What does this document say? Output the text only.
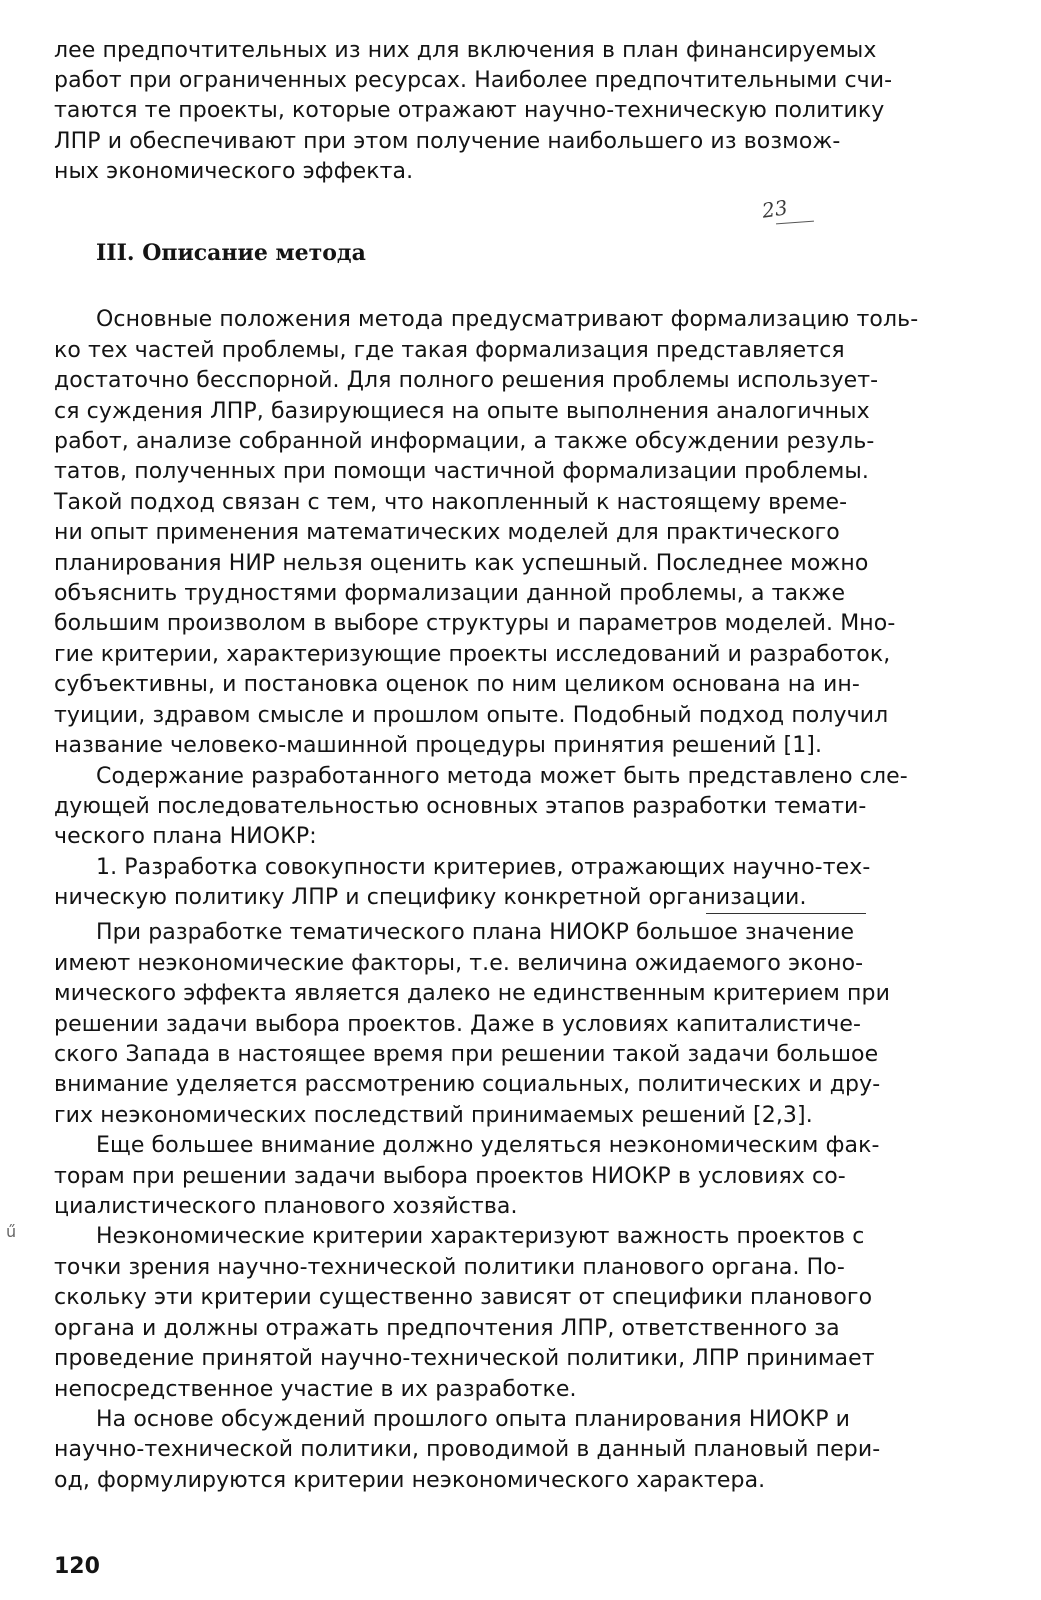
лее предпочтительных из них для включения в план финансируемых
работ при ограниченных ресурсах. Наиболее предпочтительными счи-
таются те проекты, которые отражают научно-техническую политику
ЛПР и обеспечивают при этом получение наибольшего из возмож-
ных экономического эффекта.
23
III. Описание метода
Основные положения метода предусматривают формализацию толь-
ко тех частей проблемы, где такая формализация представляется
достаточно бесспорной. Для полного решения проблемы использует-
ся суждения ЛПР, базирующиеся на опыте выполнения аналогичных
работ, анализе собранной информации, а также обсуждении резуль-
татов, полученных при помощи частичной формализации проблемы.
Такой подход связан с тем, что накопленный к настоящему време-
ни опыт применения математических моделей для практического
планирования НИР нельзя оценить как успешный. Последнее можно
объяснить трудностями формализации данной проблемы, а также
большим произволом в выборе структуры и параметров моделей. Мно-
гие критерии, характеризующие проекты исследований и разработок,
субъективны, и постановка оценок по ним целиком основана на ин-
туиции, здравом смысле и прошлом опыте. Подобный подход получил
название человеко-машинной процедуры принятия решений [1].
Содержание разработанного метода может быть представлено сле-
дующей последовательностью основных этапов разработки темати-
ческого плана НИОКР:
1. Разработка совокупности критериев, отражающих научно-тех-
ническую политику ЛПР и специфику конкретной организации.
При разработке тематического плана НИОКР большое значение
имеют неэкономические факторы, т.е. величина ожидаемого эконо-
мического эффекта является далеко не единственным критерием при
решении задачи выбора проектов. Даже в условиях капиталистиче-
ского Запада в настоящее время при решении такой задачи большое
внимание уделяется рассмотрению социальных, политических и дру-
гих неэкономических последствий принимаемых решений [2,3].
Еще большее внимание должно уделяться неэкономическим фак-
торам при решении задачи выбора проектов НИОКР в условиях со-
циалистического планового хозяйства.
ű	Неэкономические критерии характеризуют важность проектов с
точки зрения научно-технической политики планового органа. По-
скольку эти критерии существенно зависят от специфики планового
органа и должны отражать предпочтения ЛПР, ответственного за
проведение принятой научно-технической политики, ЛПР принимает
непосредственное участие в их разработке.
На основе обсуждений прошлого опыта планирования НИОКР и
научно-технической политики, проводимой в данный плановый пери-
од, формулируются критерии неэкономического характера.
120
